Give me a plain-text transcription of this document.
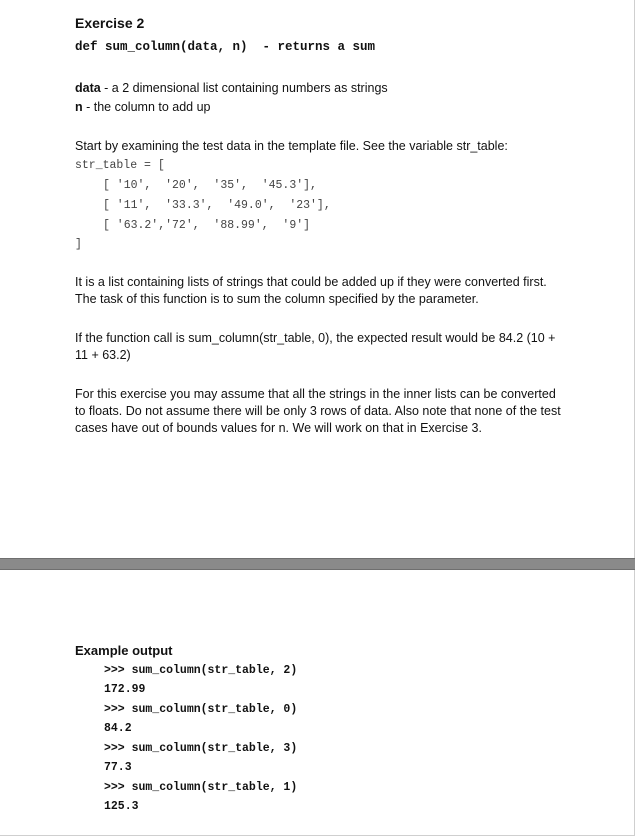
Exercise 2
def sum_column(data, n)  - returns a sum
data - a 2 dimensional list containing numbers as strings
n - the column to add up
Start by examining the test data in the template file. See the variable str_table:
str_table = [
[ '10',  '20',  '35',  '45.3'],
[ '11',  '33.3',  '49.0',  '23'],
[ '63.2','72',  '88.99',  '9']
]
It is a list containing lists of strings that could be added up if they were converted first. The task of this function is to sum the column specified by the parameter.
If the function call is sum_column(str_table, 0), the expected result would be 84.2 (10 + 11 + 63.2)
For this exercise you may assume that all the strings in the inner lists can be converted to floats. Do not assume there will be only 3 rows of data. Also note that none of the test cases have out of bounds values for n. We will work on that in Exercise 3.
Example output
>>> sum_column(str_table, 2)
172.99
>>> sum_column(str_table, 0)
84.2
>>> sum_column(str_table, 3)
77.3
>>> sum_column(str_table, 1)
125.3
